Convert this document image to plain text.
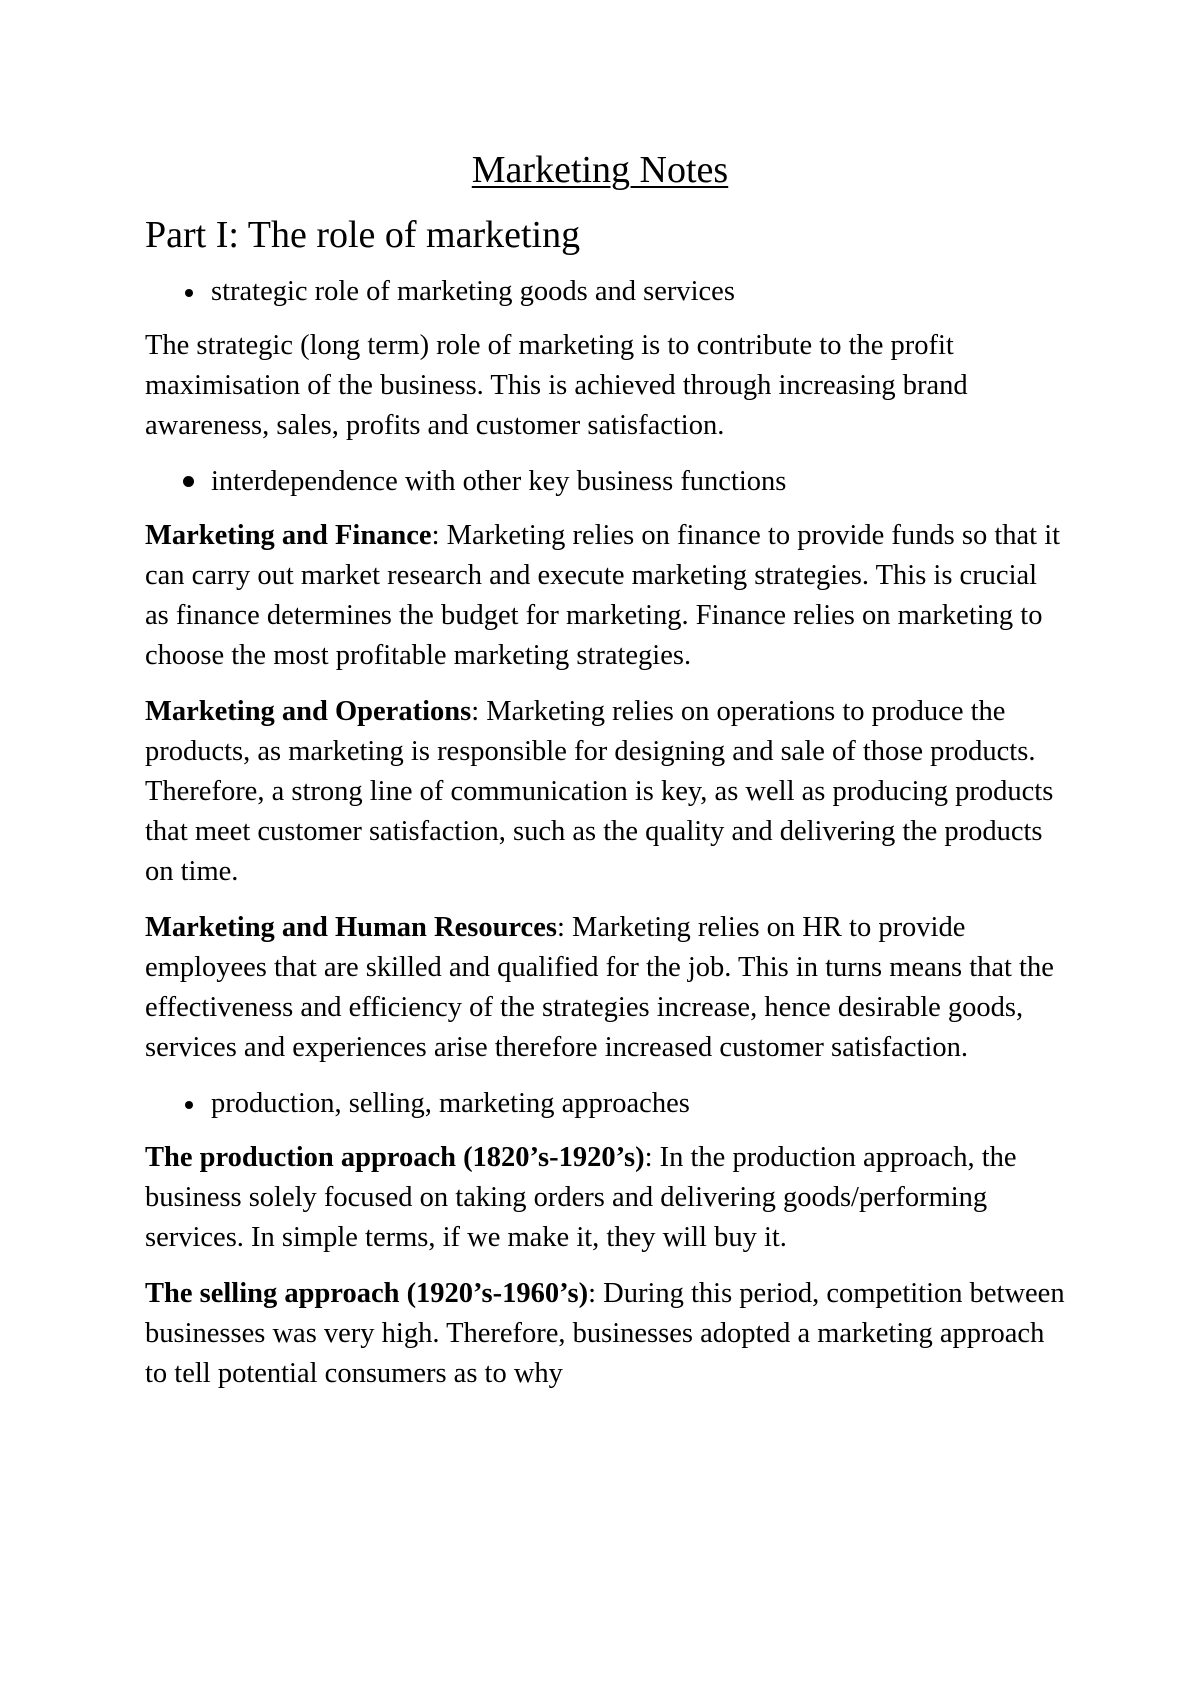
Marketing Notes
Part I: The role of marketing
strategic role of marketing goods and services

The strategic (long term) role of marketing is to contribute to the profit maximisation of the business. This is achieved through increasing brand awareness, sales, profits and customer satisfaction.

interdependence with other key business functions

Marketing and Finance: Marketing relies on finance to provide funds so that it can carry out market research and execute marketing strategies. This is crucial as finance determines the budget for marketing. Finance relies on marketing to choose the most profitable marketing strategies.

Marketing and Operations: Marketing relies on operations to produce the products, as marketing is responsible for designing and sale of those products. Therefore, a strong line of communication is key, as well as producing products that meet customer satisfaction, such as the quality and delivering the products on time.

Marketing and Human Resources: Marketing relies on HR to provide employees that are skilled and qualified for the job. This in turns means that the effectiveness and efficiency of the strategies increase, hence desirable goods, services and experiences arise therefore increased customer satisfaction.

production, selling, marketing approaches

The production approach (1820’s-1920’s): In the production approach, the business solely focused on taking orders and delivering goods/performing services. In simple terms, if we make it, they will buy it.

The selling approach (1920’s-1960’s): During this period, competition between businesses was very high. Therefore, businesses adopted a marketing approach to tell potential consumers as to why
